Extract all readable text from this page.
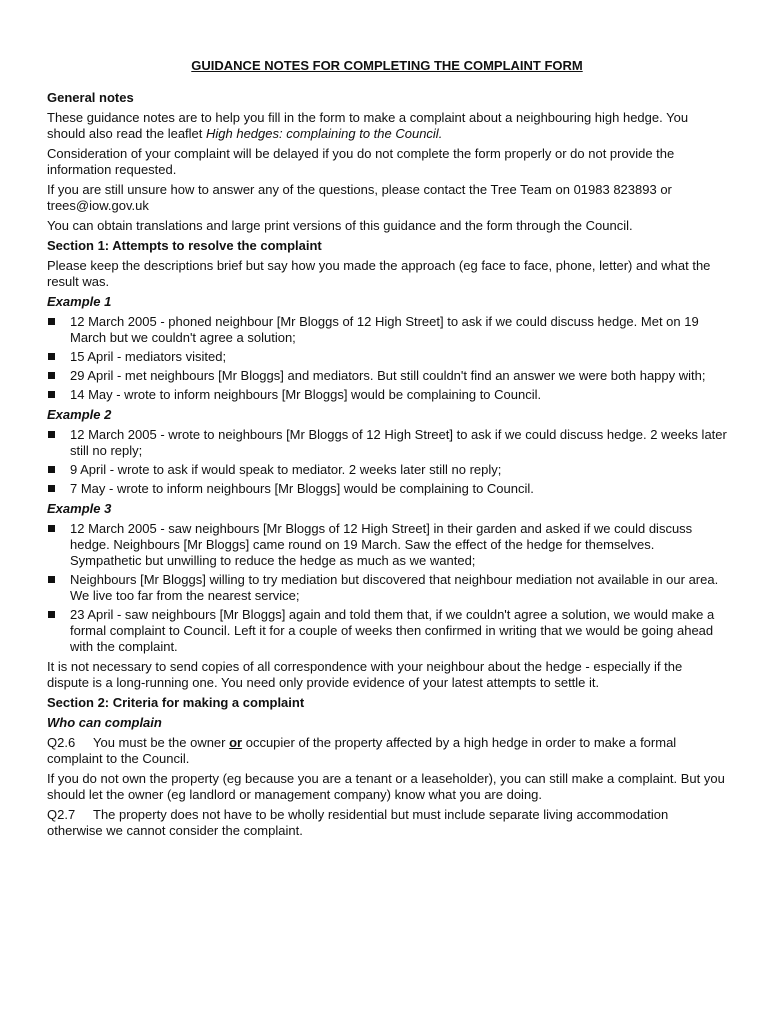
GUIDANCE NOTES FOR COMPLETING THE COMPLAINT FORM
General notes

These guidance notes are to help you fill in the form to make a complaint about a neighbouring high hedge. You should also read the leaflet High hedges: complaining to the Council.

Consideration of your complaint will be delayed if you do not complete the form properly or do not provide the information requested.

If you are still unsure how to answer any of the questions, please contact the Tree Team on 01983 823893 or trees@iow.gov.uk

You can obtain translations and large print versions of this guidance and the form through the Council.

Section 1: Attempts to resolve the complaint

Please keep the descriptions brief but say how you made the approach (eg face to face, phone, letter) and what the result was.

Example 1
12 March 2005 - phoned neighbour [Mr Bloggs of 12 High Street] to ask if we could discuss hedge. Met on 19 March but we couldn't agree a solution;
15 April - mediators visited;
29 April - met neighbours [Mr Bloggs] and mediators. But still couldn't find an answer we were both happy with;
14 May - wrote to inform neighbours [Mr Bloggs] would be complaining to Council.
Example 2
12 March 2005 - wrote to neighbours [Mr Bloggs of 12 High Street] to ask if we could discuss hedge. 2 weeks later still no reply;
9 April - wrote to ask if would speak to mediator. 2 weeks later still no reply;
7 May - wrote to inform neighbours [Mr Bloggs] would be complaining to Council.
Example 3
12 March 2005 - saw neighbours [Mr Bloggs of 12 High Street] in their garden and asked if we could discuss hedge. Neighbours [Mr Bloggs] came round on 19 March. Saw the effect of the hedge for themselves. Sympathetic but unwilling to reduce the hedge as much as we wanted;
Neighbours [Mr Bloggs] willing to try mediation but discovered that neighbour mediation not available in our area. We live too far from the nearest service;
23 April - saw neighbours [Mr Bloggs] again and told them that, if we couldn't agree a solution, we would make a formal complaint to Council. Left it for a couple of weeks then confirmed in writing that we would be going ahead with the complaint.

It is not necessary to send copies of all correspondence with your neighbour about the hedge - especially if the dispute is a long-running one. You need only provide evidence of your latest attempts to settle it.

Section 2: Criteria for making a complaint
Who can complain

Q2.6 You must be the owner or occupier of the property affected by a high hedge in order to make a formal complaint to the Council.

If you do not own the property (eg because you are a tenant or a leaseholder), you can still make a complaint. But you should let the owner (eg landlord or management company) know what you are doing.

Q2.7 The property does not have to be wholly residential but must include separate living accommodation otherwise we cannot consider the complaint.
